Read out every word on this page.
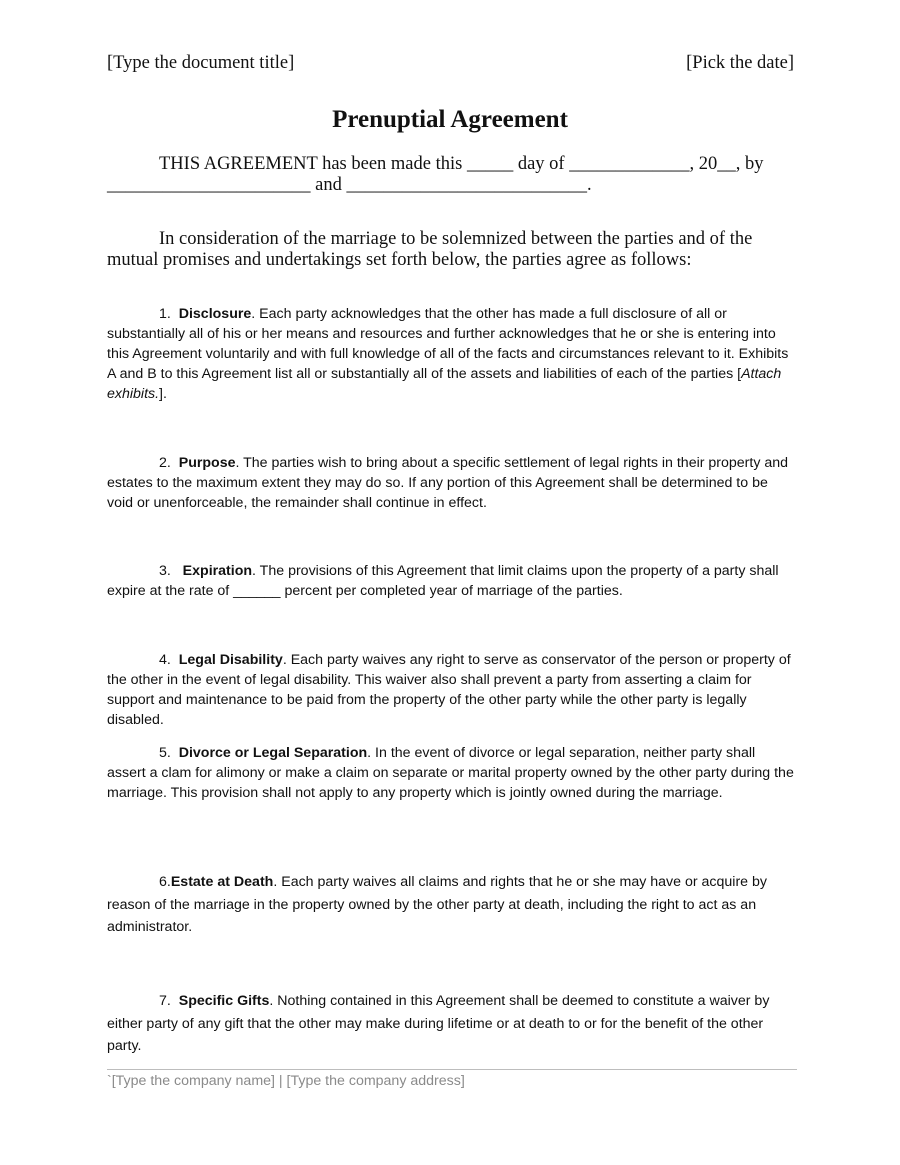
[Type the document title]	[Pick the date]
Prenuptial Agreement
THIS AGREEMENT has been made this _____ day of _____________, 20__, by ______________________ and __________________________.
In consideration of the marriage to be solemnized between the parties and of the mutual promises and undertakings set forth below, the parties agree as follows:
1. Disclosure. Each party acknowledges that the other has made a full disclosure of all or substantially all of his or her means and resources and further acknowledges that he or she is entering into this Agreement voluntarily and with full knowledge of all of the facts and circumstances relevant to it. Exhibits A and B to this Agreement list all or substantially all of the assets and liabilities of each of the parties [Attach exhibits.].
2. Purpose. The parties wish to bring about a specific settlement of legal rights in their property and estates to the maximum extent they may do so. If any portion of this Agreement shall be determined to be void or unenforceable, the remainder shall continue in effect.
3. Expiration. The provisions of this Agreement that limit claims upon the property of a party shall expire at the rate of ______ percent per completed year of marriage of the parties.
4. Legal Disability. Each party waives any right to serve as conservator of the person or property of the other in the event of legal disability. This waiver also shall prevent a party from asserting a claim for support and maintenance to be paid from the property of the other party while the other party is legally disabled.
5. Divorce or Legal Separation. In the event of divorce or legal separation, neither party shall assert a clam for alimony or make a claim on separate or marital property owned by the other party during the marriage. This provision shall not apply to any property which is jointly owned during the marriage.
6.Estate at Death. Each party waives all claims and rights that he or she may have or acquire by reason of the marriage in the property owned by the other party at death, including the right to act as an administrator.
7. Specific Gifts. Nothing contained in this Agreement shall be deemed to constitute a waiver by either party of any gift that the other may make during lifetime or at death to or for the benefit of the other party.
`[Type the company name] | [Type the company address]
